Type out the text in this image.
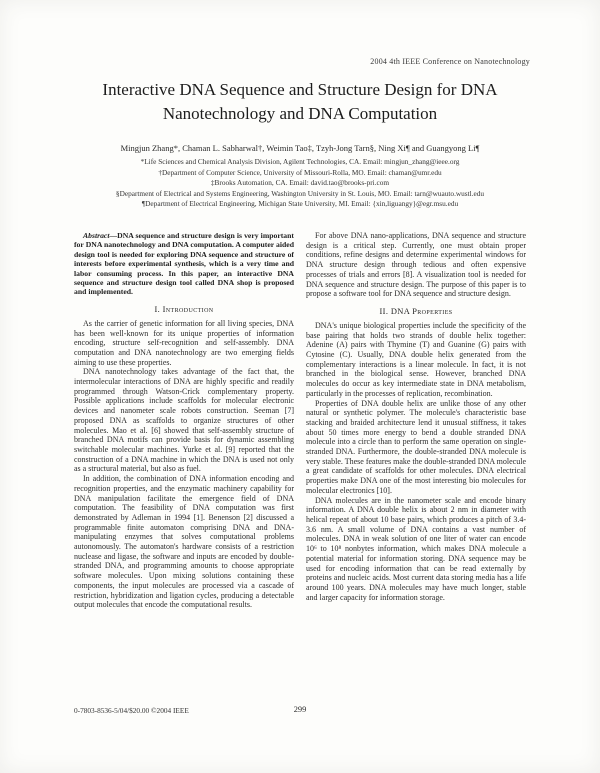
2004 4th IEEE Conference on Nanotechnology
Interactive DNA Sequence and Structure Design for DNA Nanotechnology and DNA Computation
Mingjun Zhang*, Chaman L. Sabharwal†, Weimin Tao‡, Tzyh-Jong Tarn§, Ning Xi¶ and Guangyong Li¶
*Life Sciences and Chemical Analysis Division, Agilent Technologies, CA. Email: mingjun_zhang@ieee.org
†Department of Computer Science, University of Missouri-Rolla, MO. Email: chaman@umr.edu
‡Brooks Automation, CA. Email: david.tao@brooks-pri.com
§Department of Electrical and Systems Engineering, Washington University in St. Louis, MO. Email: tarn@wuauto.wustl.edu
¶Department of Electrical Engineering, Michigan State University, MI. Email: {xin,liguangy}@egr.msu.edu

Abstract—DNA sequence and structure design is very important for DNA nanotechnology and DNA computation. A computer aided design tool is needed for exploring DNA sequence and structure of interests before experimental synthesis, which is a very time and labor consuming process. In this paper, an interactive DNA sequence and structure design tool called DNA shop is proposed and implemented.

I. Introduction

As the carrier of genetic information for all living species, DNA has been well-known for its unique properties of information encoding, structure self-recognition and self-assembly. DNA computation and DNA nanotechnology are two emerging fields aiming to use these properties.

DNA nanotechnology takes advantage of the fact that, the intermolecular interactions of DNA are highly specific and readily programmed through Watson-Crick complementary property. Possible applications include scaffolds for molecular electronic devices and nanometer scale robots construction. Seeman [7] proposed DNA as scaffolds to organize structures of other molecules. Mao et al. [6] showed that self-assembly structure of branched DNA motifs can provide basis for dynamic assembling switchable molecular machines. Yurke et al. [9] reported that the construction of a DNA machine in which the DNA is used not only as a structural material, but also as fuel.

In addition, the combination of DNA information encoding and recognition properties, and the enzymatic machinery capability for DNA manipulation facilitate the emergence field of DNA computation. The feasibility of DNA computation was first demonstrated by Adleman in 1994 [1]. Benenson [2] discussed a programmable finite automaton comprising DNA and DNA-manipulating enzymes that solves computational problems autonomously. The automaton's hardware consists of a restriction nuclease and ligase, the software and inputs are encoded by double-stranded DNA, and programming amounts to choose appropriate software molecules. Upon mixing solutions containing these components, the input molecules are processed via a cascade of restriction, hybridization and ligation cycles, producing a detectable output molecules that encode the computational results.

For above DNA nano-applications, DNA sequence and structure design is a critical step. Currently, one must obtain proper conditions, refine designs and determine experimental windows for DNA structure design through tedious and often expensive processes of trials and errors [8]. A visualization tool is needed for DNA sequence and structure design. The purpose of this paper is to propose a software tool for DNA sequence and structure design.

II. DNA Properties

DNA's unique biological properties include the specificity of the base pairing that holds two strands of double helix together: Adenine (A) pairs with Thymine (T) and Guanine (G) pairs with Cytosine (C). Usually, DNA double helix generated from the complementary interactions is a linear molecule. In fact, it is not branched in the biological sense. However, branched DNA molecules do occur as key intermediate state in DNA metabolism, particularly in the processes of replication, recombination.

Properties of DNA double helix are unlike those of any other natural or synthetic polymer. The molecule's characteristic base stacking and braided architecture lend it unusual stiffness, it takes about 50 times more energy to bend a double stranded DNA molecule into a circle than to perform the same operation on single-stranded DNA. Furthermore, the double-stranded DNA molecule is very stable. These features make the double-stranded DNA molecule a great candidate of scaffolds for other molecules. DNA electrical properties make DNA one of the most interesting bio molecules for molecular electronics [10].

DNA molecules are in the nanometer scale and encode binary information. A DNA double helix is about 2 nm in diameter with helical repeat of about 10 base pairs, which produces a pitch of 3.4-3.6 nm. A small volume of DNA contains a vast number of molecules. DNA in weak solution of one liter of water can encode 10⁶ to 10⁸ nonbytes information, which makes DNA molecule a potential material for information storing. DNA sequence may be used for encoding information that can be read externally by proteins and nucleic acids. Most current data storing media has a life around 100 years. DNA molecules may have much longer, stable and larger capacity for information storage.

0-7803-8536-5/04/$20.00 ©2004 IEEE	299
